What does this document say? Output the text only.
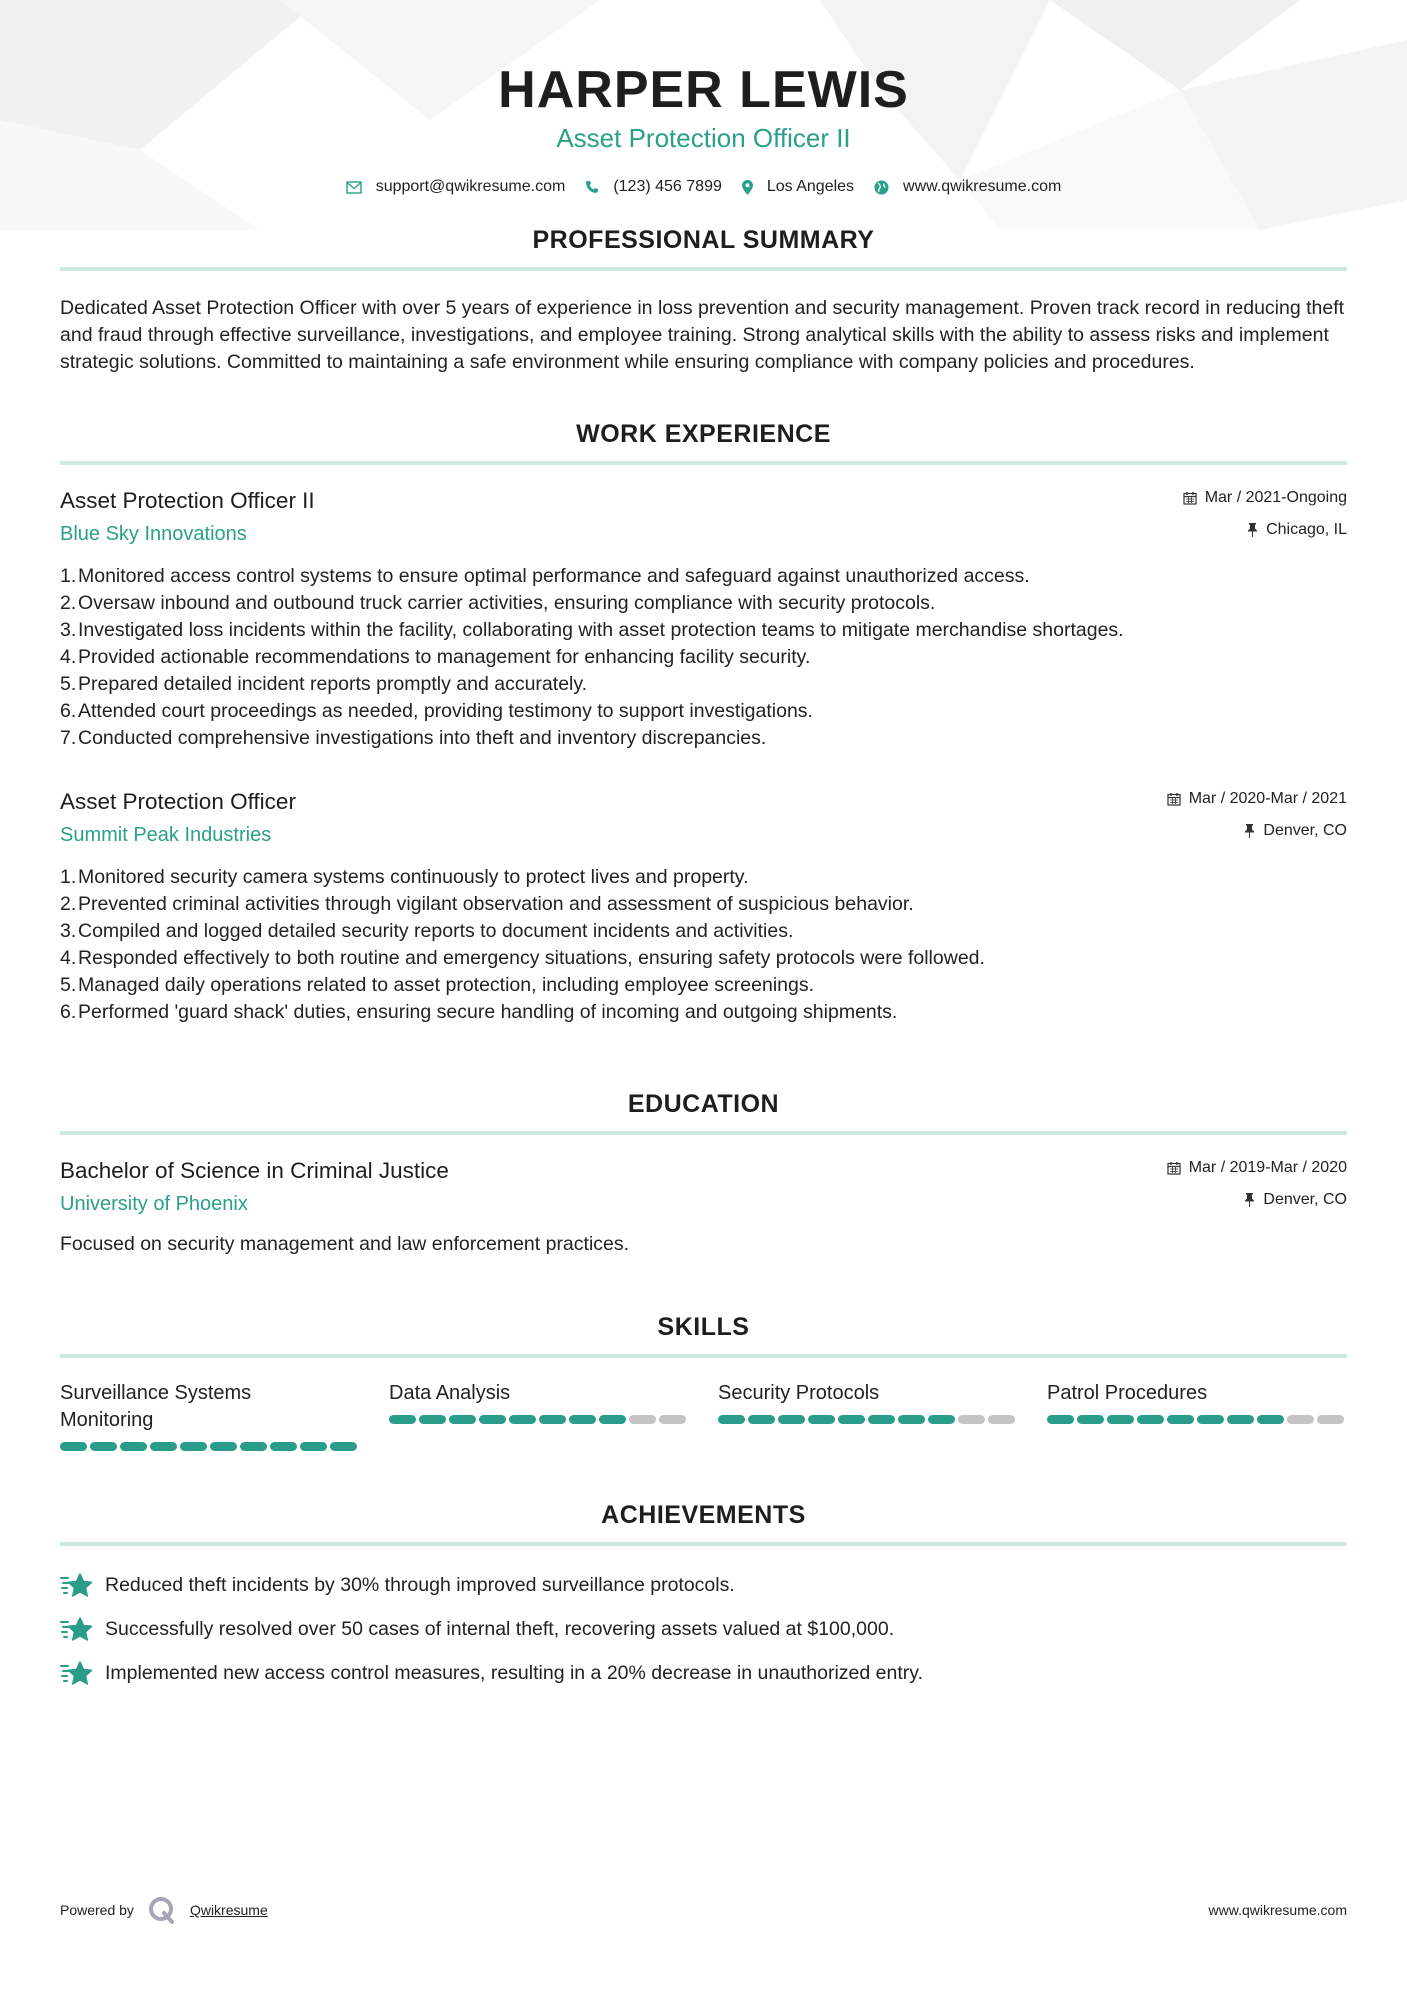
HARPER LEWIS
Asset Protection Officer II
support@qwikresume.com	(123) 456 7899	Los Angeles	www.qwikresume.com
PROFESSIONAL SUMMARY

Dedicated Asset Protection Officer with over 5 years of experience in loss prevention and security management. Proven track record in reducing theft and fraud through effective surveillance, investigations, and employee training. Strong analytical skills with the ability to assess risks and implement strategic solutions. Committed to maintaining a safe environment while ensuring compliance with company policies and procedures.

WORK EXPERIENCE
Asset Protection Officer II
Blue Sky Innovations
Mar / 2021-Ongoing
Chicago, IL
1. Monitored access control systems to ensure optimal performance and safeguard against unauthorized access.
2. Oversaw inbound and outbound truck carrier activities, ensuring compliance with security protocols.
3. Investigated loss incidents within the facility, collaborating with asset protection teams to mitigate merchandise shortages.
4. Provided actionable recommendations to management for enhancing facility security.
5. Prepared detailed incident reports promptly and accurately.
6. Attended court proceedings as needed, providing testimony to support investigations.
7. Conducted comprehensive investigations into theft and inventory discrepancies.
Asset Protection Officer
Summit Peak Industries
Mar / 2020-Mar / 2021
Denver, CO
1. Monitored security camera systems continuously to protect lives and property.
2. Prevented criminal activities through vigilant observation and assessment of suspicious behavior.
3. Compiled and logged detailed security reports to document incidents and activities.
4. Responded effectively to both routine and emergency situations, ensuring safety protocols were followed.
5. Managed daily operations related to asset protection, including employee screenings.
6. Performed 'guard shack' duties, ensuring secure handling of incoming and outgoing shipments.
EDUCATION
Bachelor of Science in Criminal Justice
University of Phoenix
Mar / 2019-Mar / 2020
Denver, CO

Focused on security management and law enforcement practices.

SKILLS
Surveillance Systems Monitoring
Data Analysis	Security Protocols	Patrol Procedures
ACHIEVEMENTS
Reduced theft incidents by 30% through improved surveillance protocols.
Successfully resolved over 50 cases of internal theft, recovering assets valued at $100,000.
Implemented new access control measures, resulting in a 20% decrease in unauthorized entry.
Powered by	Qwikresume	www.qwikresume.com
